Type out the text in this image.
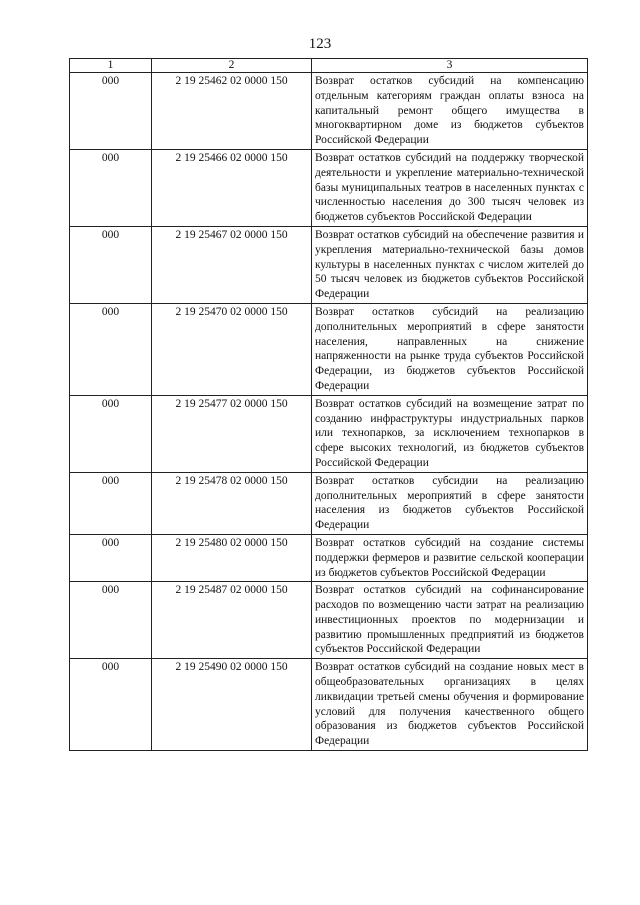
123
1	2	3
000	2 19 25462 02 0000 150	Возврат остатков субсидий на компенсацию отдельным категориям граждан оплаты взноса на капитальный ремонт общего имущества в многоквартирном доме из бюджетов субъектов Российской Федерации
000	2 19 25466 02 0000 150	Возврат остатков субсидий на поддержку творческой деятельности и укрепление материально-технической базы муниципальных театров в населенных пунктах с численностью населения до 300 тысяч человек из бюджетов субъектов Российской Федерации
000	2 19 25467 02 0000 150	Возврат остатков субсидий на обеспечение развития и укрепления материально-технической базы домов культуры в населенных пунктах с числом жителей до 50 тысяч человек из бюджетов субъектов Российской Федерации
000	2 19 25470 02 0000 150	Возврат остатков субсидий на реализацию дополнительных мероприятий в сфере занятости населения, направленных на снижение напряженности на рынке труда субъектов Российской Федерации, из бюджетов субъектов Российской Федерации
000	2 19 25477 02 0000 150	Возврат остатков субсидий на возмещение затрат по созданию инфраструктуры индустриальных парков или технопарков, за исключением технопарков в сфере высоких технологий, из бюджетов субъектов Российской Федерации
000	2 19 25478 02 0000 150	Возврат остатков субсидии на реализацию дополнительных мероприятий в сфере занятости населения из бюджетов субъектов Российской Федерации
000	2 19 25480 02 0000 150	Возврат остатков субсидий на создание системы поддержки фермеров и развитие сельской кооперации из бюджетов субъектов Российской Федерации
000	2 19 25487 02 0000 150	Возврат остатков субсидий на софинансирование расходов по возмещению части затрат на реализацию инвестиционных проектов по модернизации и развитию промышленных предприятий из бюджетов субъектов Российской Федерации
000	2 19 25490 02 0000 150	Возврат остатков субсидий на создание новых мест в общеобразовательных организациях в целях ликвидации третьей смены обучения и формирование условий для получения качественного общего образования из бюджетов субъектов Российской Федерации
